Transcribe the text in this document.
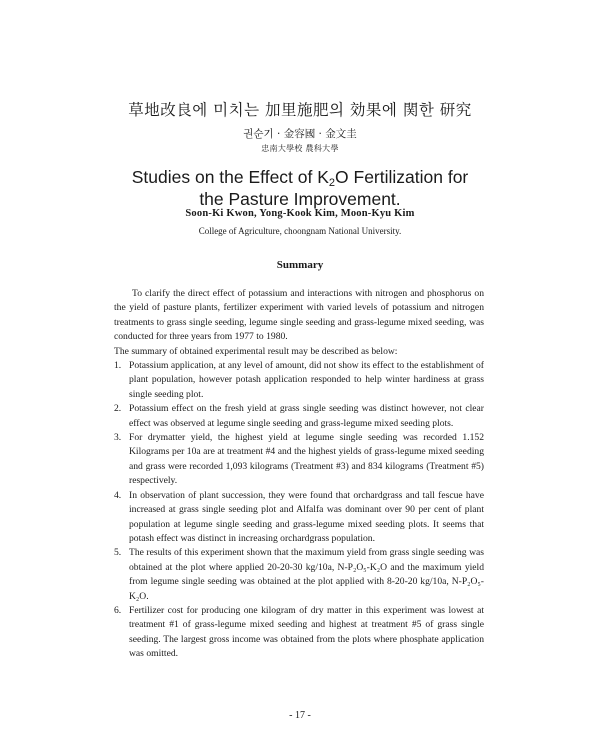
草地改良에 미치는 加里施肥의 効果에 関한 研究
권순기 · 金容國 · 金文圭
忠南大學校 農科大學
Studies on the Effect of $K_2O$ Fertilization for
the Pasture Improvement.
Soon-Ki Kwon, Yong-Kook Kim, Moon-Kyu Kim
College of Agriculture, choongnam National University.
Summary

To clarify the direct effect of potassium and interactions with nitrogen and phosphorus on the yield of pasture plants, fertilizer experiment with varied levels of potassium and nitrogen treatments to grass single seeding, legume single seeding and grass-legume mixed seeding, was conducted for three years from 1977 to 1980.

The summary of obtained experimental result may be described as below:

1. Potassium application, at any level of amount, did not show its effect to the establishment of plant population, however potash application responded to help winter hardiness at grass single seeding plot.
2. Potassium effect on the fresh yield at grass single seeding was distinct however, not clear effect was observed at legume single seeding and grass-legume mixed seeding plots.
3. For drymatter yield, the highest yield at legume single seeding was recorded 1.152 Kilograms per 10a are at treatment #4 and the highest yields of grass-legume mixed seeding and grass were recorded 1,093 kilograms (Treatment #3) and 834 kilograms (Treatment #5) respectively.
4. In observation of plant succession, they were found that orchardgrass and tall fescue have increased at grass single seeding plot and Alfalfa was dominant over 90 per cent of plant population at legume single seeding and grass-legume mixed seeding plots. It seems that potash effect was distinct in increasing orchardgrass population.
5. The results of this experiment shown that the maximum yield from grass single seeding was obtained at the plot where applied 20-20-30 kg/10a, N-P₂O₅-K₂O and the maximum yield from legume single seeding was obtained at the plot applied with 8-20-20 kg/10a, N-P₂O₅-K₂O.
6. Fertilizer cost for producing one kilogram of dry matter in this experiment was lowest at treatment #1 of grass-legume mixed seeding and highest at treatment #5 of grass single seeding. The largest gross income was obtained from the plots where phosphate application was omitted.
- 17 -
